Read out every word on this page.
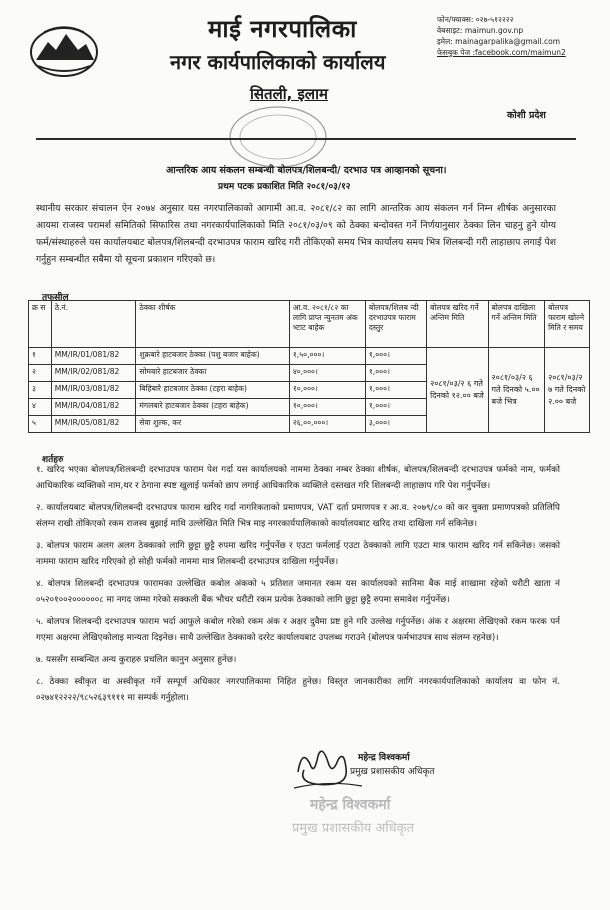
माई नगरपालिका
नगर कार्यपालिकाको कार्यालय
सितली, इलाम
फोन/फ्याक्स: ०२७-५१२२२२
वेबसाइट: maimun.gov.np
इमेल: mainagarpalika@gmail.com
फेसबुक पेज :facebook.com/maimun2
कोशी प्रदेश
आन्तरिक आय संकलन सम्बन्धी बोलपत्र/शिलबन्दी/ दरभाउ पत्र आव्हानको सूचना।
प्रथम पटक प्रकाशित मिति २०८१/०३/१२
स्थानीय सरकार संचालन ऐन २०७४ अनुसार यस नगरपालिकाको आगामी आ.व. २०८१/८२ का लागि आन्तरिक आय संकलन गर्न निम्न शीर्षक अनुसारका आयमा राजस्व परामर्श समितिको सिफारिस तथा नगरकार्यपालिकाको मिति २०८१/०३/०९ को ठेक्का बन्दोवस्त गर्ने निर्णयानुसार ठेक्का लिन चाहनु हुने योग्य फर्म/संस्थाहरुले यस कार्यालयबाट बोलपत्र/शिलबन्दी दरभाउपत्र फाराम खरिद गरी तोकिएको समय भित्र कार्यालय समय भित्र शिलबन्दी गरी लाहाछाप लगाई पेश गर्नुहुन सम्बन्धीत सबैमा यो सूचना प्रकाशन गरिएको छ।
तफसील
क्र स	ठे.नं.	ठेक्का शीर्षक	आ.व. २०८१/८२ का लागि प्राप्त न्युनतम अंक भ्टाट बाहेक	बोलपत्र/शिलब न्दी दरभाउपत्र फाराम दस्तुर	बोलपत्र खरिद गर्ने अन्तिम मिति	बोलपत्र दाखिला गर्ने अन्तिम मिति	बोलपत्र फाराम खोल्ने मिति र समय
१	MM/IR/01/081/82	शुक्रबारे हाटबजार ठेक्का (पशु बजार बाहेक)	१,५०,०००।	१,०००।	२०८१/०३/२ ६ गते दिनको १२.०० बजे	२०८१/०३/२ ६ गते दिनको ५.०० बजे भित्र	२०८१/०३/२ ७ गते दिनको २.०० बजे
२	MM/IR/02/081/82	सोमबारे हाटबजार ठेक्का	४०,०००।	१,०००।			
३	MM/IR/03/081/82	बिहिबारे हाटबजार ठेक्का (टहरा बाहेक)	१०,०००।	१,०००।			
४	MM/IR/04/081/82	मंगलबारे हाटबजार ठेक्का (टहरा बाहेक)	१०,०००।	१,०००।			
५	MM/IR/05/081/82	सेवा शुल्क, कर	२६,००,०००।	३,०००।			
शर्तहरु

१. खरिद भएका बोलपत्र/शिलबन्दी दरभाउपत्र फाराम पेश गर्दा यस कार्यालयको नाममा ठेक्का नम्बर ठेक्का शीर्षक, बोलपत्र/शिलबन्दी दरभाउपत्र फर्मको नाम, फर्मको आधिकारिक व्यक्तिको नाम,थर र ठेगाना स्पष्ट खुलाई फर्मको छाप लगाई आधिकारिक व्यक्तिले दस्तखत गरि शिलबन्दी लाहाछाप गरि पेश गर्नुपर्नेछ।

२. कार्यालयबाट बोलपत्र/शिलबन्दी दरभाउपत्र फाराम खरिद गर्दा नागरिकताको प्रमाणपत्र, VAT दर्ता प्रमाणपत्र र आ.व. २०७९/८० को कर चुक्ता प्रमाणपत्रको प्रतिलिपि संलग्न राखी तोकिएको रकम राजस्व बुझाई माथि उल्लेखित मिति भित्र माइ नगरकार्यपालिकाको कार्यालयबाट खरिद तथा दाखिला गर्न सकिनेछ।

३. बोलपत्र फाराम अलग अलग ठेक्काको लागि छुट्टा छुट्टै रुपमा खरिद गर्नुपर्नेछ र एउटा फर्मलाई एउटा ठेक्काको लागि एउटा मात्र फाराम खरिद गर्न सकिनेछ। जसको नाममा फाराम खरिद गरिएको हो सोही फर्मको नाममा मात्र शिलबन्दी दरभाउपत्र दाखिला गर्नुपर्नेछ।

४. बोलपत्र शिलबन्दी दरभाउपत्र फारामका उल्लेखित कबोल अंकको ५ प्रतिशत जमानत रकम यस कार्यालयको सानिमा बैक माई शाखामा रहेको धरौटी खाता नं ०५२०१००२००००००८ मा नगद जम्मा गरेको सक्कली बैंक भौचर धरौटी रकम प्रत्येक ठेक्काको लागि छुट्टा छुट्टै रुपमा समावेश गर्नुपर्नेछ।

५. बोलपत्र शिलबन्दी दरभाउपत्र फाराम भर्दा आफुले कबोल गरेको रकम अंक र अक्षर दुवैमा प्रष्ट हुने गरि उल्लेख गर्नुपर्नेछ। अंक र अक्षरमा लेखिएको रकम फरक पर्न गएमा अक्षरमा लेखिएकोलाइ मान्यता दिइनेछ। साथै उल्लेखित ठेक्काको दररेट कार्यालयबाट उपलब्ध गराउने (बोलपत्र फर्मभाउपत्र साथ संलग्न रहनेछ)।

७. यससँग सम्बन्धित अन्य कुराहरु प्रचलित कानुन अनुसार हुनेछ।

८. ठेक्का स्वीकृत वा अस्वीकृत गर्ने सम्पूर्ण अधिकार नगरपालिकामा निहित हुनेछ। विस्तृत जानकारीका लागि नगरकार्यपालिकाको कार्यालय वा फोन नं. ०२७४१२२२२/९८५२६३९१११ मा सम्पर्क गर्नुहोला।

महेन्द्र विश्वकर्मा
प्रमुख प्रशासकीय अधिकृत
महेन्द्र विश्वकर्मा
प्रमुख प्रशासकीय अधिकृत
